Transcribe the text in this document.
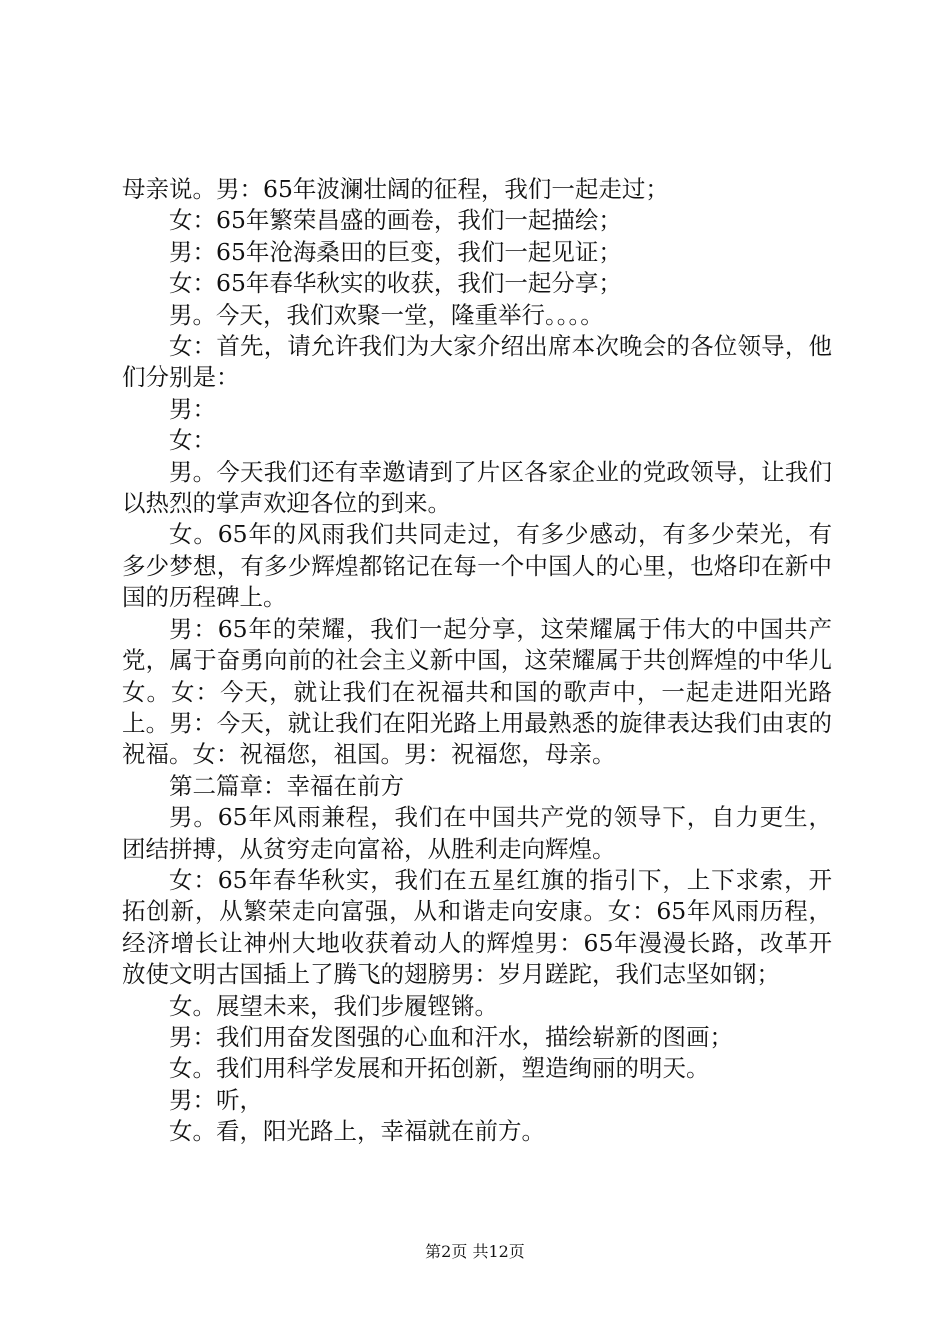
母亲说。男：65年波澜壮阔的征程，我们一起走过；

女：65年繁荣昌盛的画卷，我们一起描绘；

男：65年沧海桑田的巨变，我们一起见证；

女：65年春华秋实的收获，我们一起分享；

男。今天，我们欢聚一堂，隆重举行。。。。

女：首先，请允许我们为大家介绍出席本次晚会的各位领导，他们分别是：

男：

女：

男。今天我们还有幸邀请到了片区各家企业的党政领导，让我们以热烈的掌声欢迎各位的到来。

女。65年的风雨我们共同走过，有多少感动，有多少荣光，有多少梦想，有多少辉煌都铭记在每一个中国人的心里，也烙印在新中国的历程碑上。

男：65年的荣耀，我们一起分享，这荣耀属于伟大的中国共产党，属于奋勇向前的社会主义新中国，这荣耀属于共创辉煌的中华儿女。女：今天，就让我们在祝福共和国的歌声中，一起走进阳光路上。男：今天，就让我们在阳光路上用最熟悉的旋律表达我们由衷的祝福。女：祝福您，祖国。男：祝福您，母亲。

第二篇章：幸福在前方

男。65年风雨兼程，我们在中国共产党的领导下，自力更生，团结拼搏，从贫穷走向富裕，从胜利走向辉煌。

女：65年春华秋实，我们在五星红旗的指引下，上下求索，开拓创新，从繁荣走向富强，从和谐走向安康。女：65年风雨历程，经济增长让神州大地收获着动人的辉煌男：65年漫漫长路，改革开放使文明古国插上了腾飞的翅膀男：岁月蹉跎，我们志坚如钢；

女。展望未来，我们步履铿锵。

男：我们用奋发图强的心血和汗水，描绘崭新的图画；

女。我们用科学发展和开拓创新，塑造绚丽的明天。

男：听，

女。看，阳光路上，幸福就在前方。

第2页 共12页
